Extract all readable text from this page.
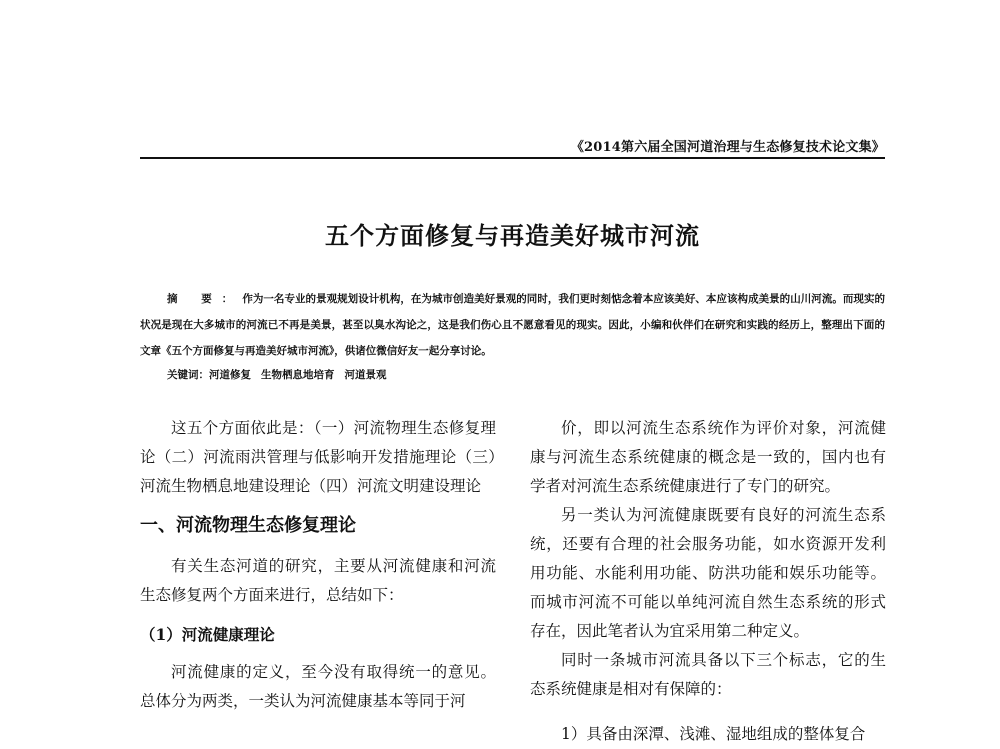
《2014第六届全国河道治理与生态修复技术论文集》
五个方面修复与再造美好城市河流
摘 要：作为一名专业的景观规划设计机构，在为城市创造美好景观的同时，我们更时刻惦念着本应该美好、本应该构成美景的山川河流。而现实的状况是现在大多城市的河流已不再是美景，甚至以臭水沟论之，这是我们伤心且不愿意看见的现实。因此，小编和伙伴们在研究和实践的经历上，整理出下面的文章《五个方面修复与再造美好城市河流》，供诸位微信好友一起分享讨论。
关键词：河道修复 生物栖息地培育 河道景观

这五个方面依此是：（一）河流物理生态修复理论（二）河流雨洪管理与低影响开发措施理论（三）河流生物栖息地建设理论（四）河流文明建设理论

一、河流物理生态修复理论

有关生态河道的研究，主要从河流健康和河流生态修复两个方面来进行，总结如下：

（1）河流健康理论

河流健康的定义，至今没有取得统一的意见。总体分为两类，一类认为河流健康基本等同于河

价，即以河流生态系统作为评价对象，河流健康与河流生态系统健康的概念是一致的，国内也有学者对河流生态系统健康进行了专门的研究。

另一类认为河流健康既要有良好的河流生态系统，还要有合理的社会服务功能，如水资源开发利用功能、水能利用功能、防洪功能和娱乐功能等。而城市河流不可能以单纯河流自然生态系统的形式存在，因此笔者认为宜采用第二种定义。

同时一条城市河流具备以下三个标志，它的生态系统健康是相对有保障的：

1）具备由深潭、浅滩、湿地组成的整体复合
